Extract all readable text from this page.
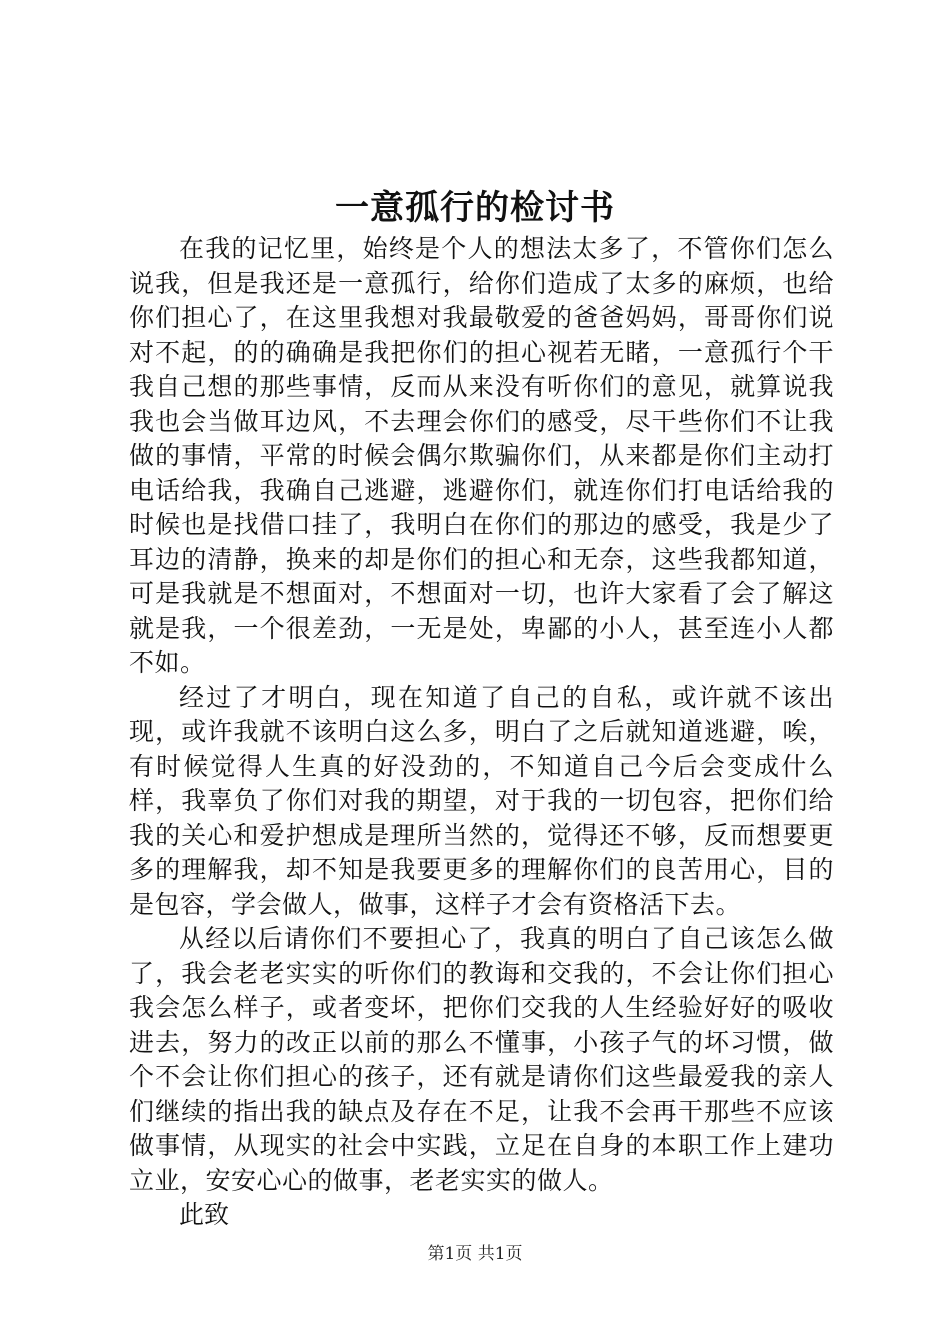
一意孤行的检讨书

在我的记忆里，始终是个人的想法太多了，不管你们怎么说我，但是我还是一意孤行，给你们造成了太多的麻烦，也给你们担心了，在这里我想对我最敬爱的爸爸妈妈，哥哥你们说对不起，的的确确是我把你们的担心视若无睹，一意孤行个干我自己想的那些事情，反而从来没有听你们的意见，就算说我我也会当做耳边风，不去理会你们的感受，尽干些你们不让我做的事情，平常的时候会偶尔欺骗你们，从来都是你们主动打电话给我，我确自己逃避，逃避你们，就连你们打电话给我的时候也是找借口挂了，我明白在你们的那边的感受，我是少了耳边的清静，换来的却是你们的担心和无奈，这些我都知道，可是我就是不想面对，不想面对一切，也许大家看了会了解这就是我，一个很差劲，一无是处，卑鄙的小人，甚至连小人都不如。

经过了才明白，现在知道了自己的自私，或许就不该出现，或许我就不该明白这么多，明白了之后就知道逃避，唉，有时候觉得人生真的好没劲的，不知道自己今后会变成什么样，我辜负了你们对我的期望，对于我的一切包容，把你们给我的关心和爱护想成是理所当然的，觉得还不够，反而想要更多的理解我，却不知是我要更多的理解你们的良苦用心，目的是包容，学会做人，做事，这样子才会有资格活下去。

从经以后请你们不要担心了，我真的明白了自己该怎么做了，我会老老实实的听你们的教诲和交我的，不会让你们担心我会怎么样子，或者变坏，把你们交我的人生经验好好的吸收进去，努力的改正以前的那么不懂事，小孩子气的坏习惯，做个不会让你们担心的孩子，还有就是请你们这些最爱我的亲人们继续的指出我的缺点及存在不足，让我不会再干那些不应该做事情，从现实的社会中实践，立足在自身的本职工作上建功立业，安安心心的做事，老老实实的做人。

此致

第1页 共1页
